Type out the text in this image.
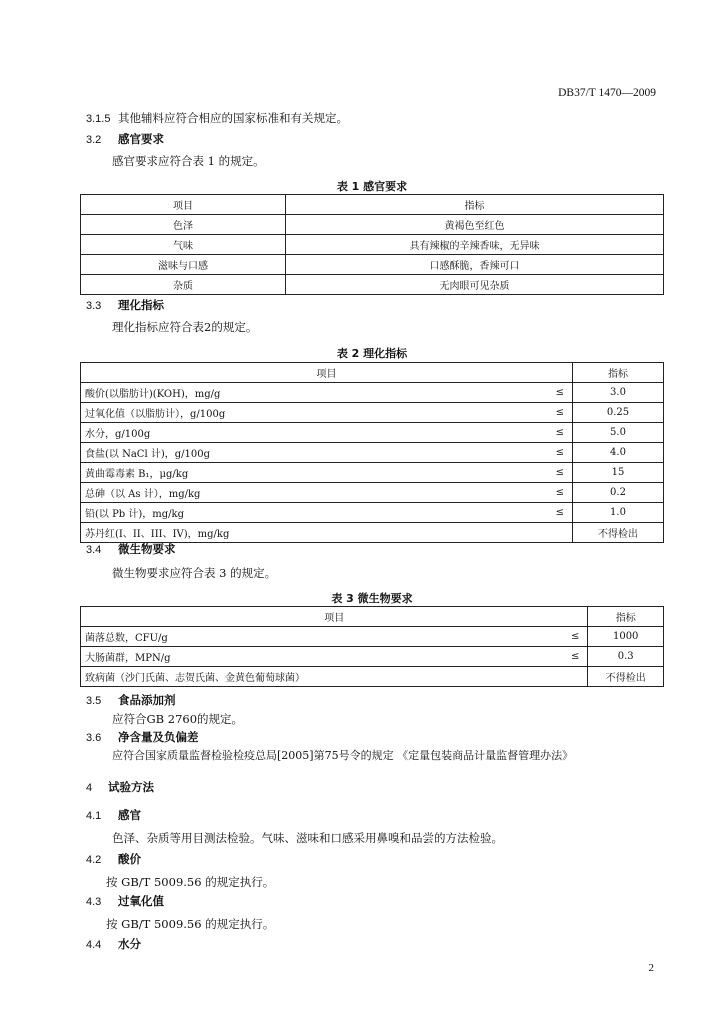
DB37/T 1470—2009
3.1.5 其他辅料应符合相应的国家标准和有关规定。
3.2 感官要求
感官要求应符合表 1 的规定。
表 1 感官要求
项目	指标
色泽	黄褐色至红色
气味	具有辣椒的辛辣香味，无异味
滋味与口感	口感酥脆，香辣可口
杂质	无肉眼可见杂质
3.3 理化指标
理化指标应符合表2的规定。
表 2 理化指标
项目		指标
酸价(以脂肪计)(KOH)，mg/g	≤	3.0
过氧化值（以脂肪计），g/100g	≤	0.25
水分，g/100g	≤	5.0
食盐(以 NaCl 计)，g/100g	≤	4.0
黄曲霉毒素 B₁，μg/kg	≤	15
总砷（以 As 计），mg/kg	≤	0.2
铅(以 Pb 计)，mg/kg	≤	1.0
苏丹红(I、II、III、IV)，mg/kg		不得检出
3.4 微生物要求
微生物要求应符合表 3 的规定。
表 3 微生物要求
项目		指标
菌落总数，CFU/g	≤	1000
大肠菌群，MPN/g	≤	0.3
致病菌（沙门氏菌、志贺氏菌、金黄色葡萄球菌）		不得检出
3.5 食品添加剂
应符合GB 2760的规定。
3.6 净含量及负偏差
应符合国家质量监督检验检疫总局[2005]第75号令的规定 《定量包装商品计量监督管理办法》
4 试验方法
4.1 感官
色泽、杂质等用目测法检验。气味、滋味和口感采用鼻嗅和品尝的方法检验。
4.2 酸价
按 GB/T 5009.56 的规定执行。
4.3 过氧化值
按 GB/T 5009.56 的规定执行。
4.4 水分
2
